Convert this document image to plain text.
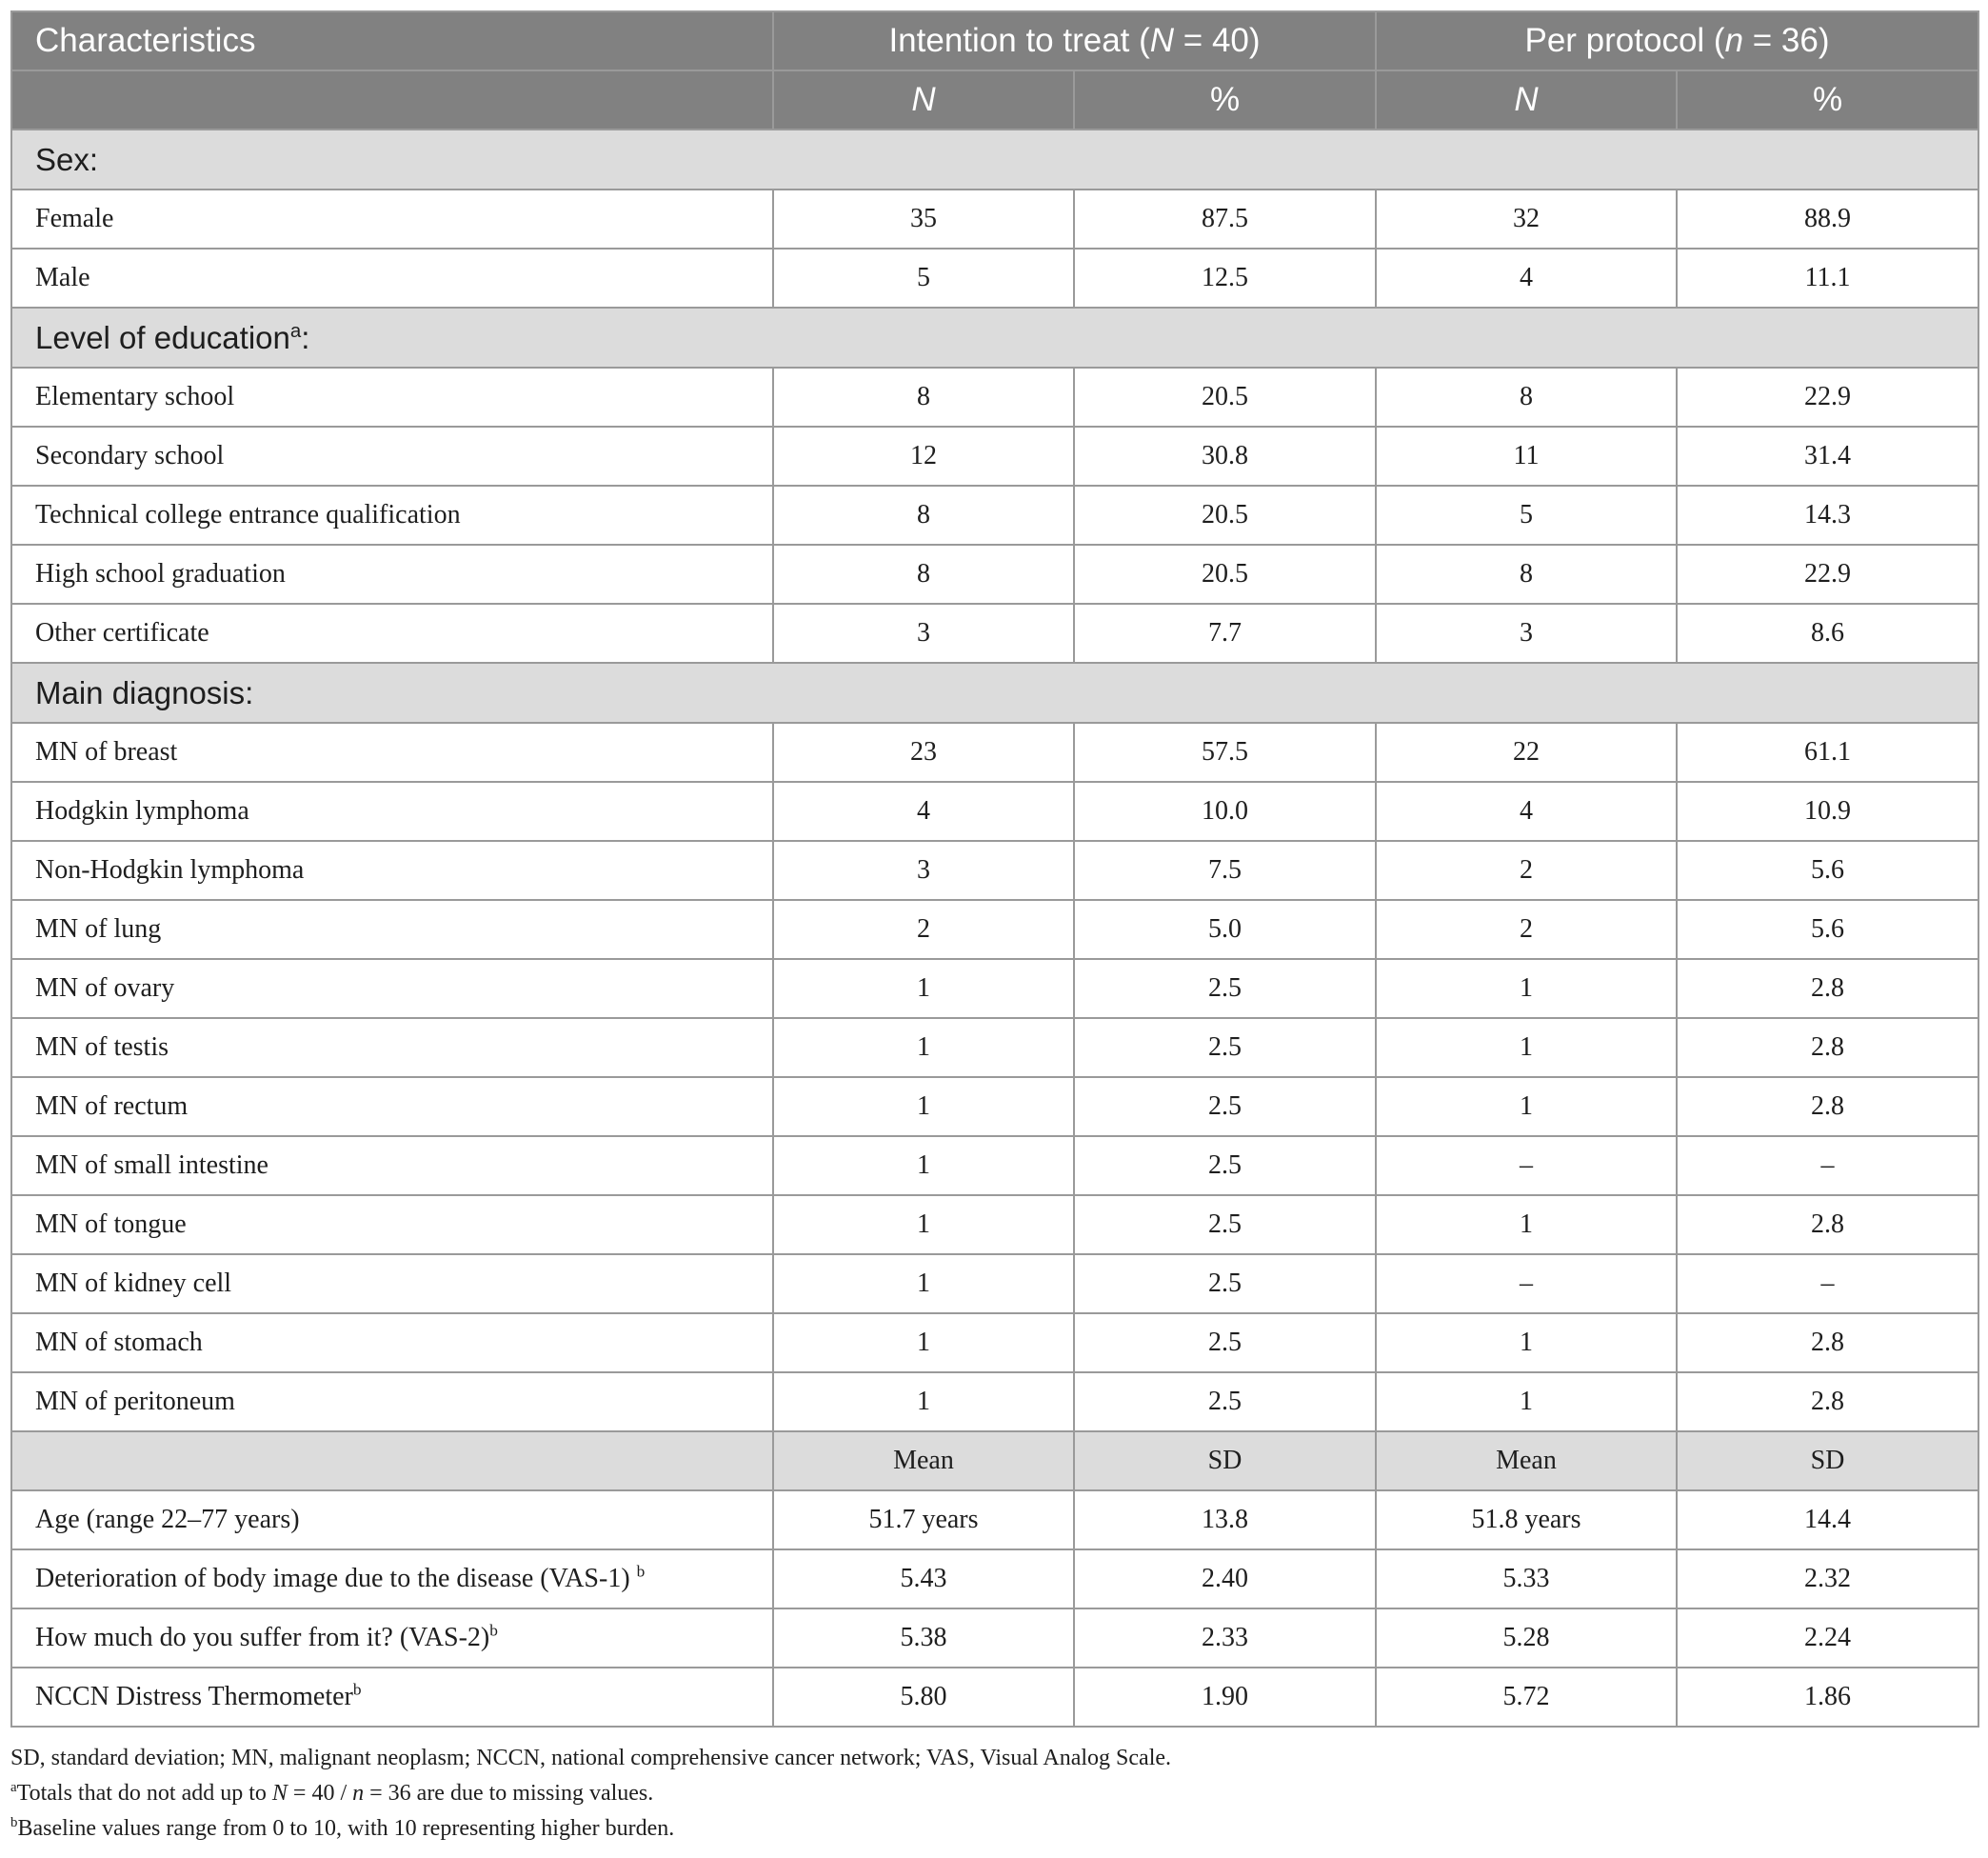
Characteristics	Intention to treat (N = 40)		Per protocol (n = 36)	
	N	%	N	%
Sex:				
Female	35	87.5	32	88.9
Male	5	12.5	4	11.1
Level of education$^a$:				
Elementary school	8	20.5	8	22.9
Secondary school	12	30.8	11	31.4
Technical college entrance qualification	8	20.5	5	14.3
High school graduation	8	20.5	8	22.9
Other certificate	3	7.7	3	8.6
Main diagnosis:				
MN of breast	23	57.5	22	61.1
Hodgkin lymphoma	4	10.0	4	10.9
Non-Hodgkin lymphoma	3	7.5	2	5.6
MN of lung	2	5.0	2	5.6
MN of ovary	1	2.5	1	2.8
MN of testis	1	2.5	1	2.8
MN of rectum	1	2.5	1	2.8
MN of small intestine	1	2.5	–	–
MN of tongue	1	2.5	1	2.8
MN of kidney cell	1	2.5	–	–
MN of stomach	1	2.5	1	2.8
MN of peritoneum	1	2.5	1	2.8
	Mean	SD	Mean	SD
Age (range 22–77 years)	51.7 years	13.8	51.8 years	14.4
Deterioration of body image due to the disease (VAS-1) $^b$	5.43	2.40	5.33	2.32
How much do you suffer from it? $(VAS-2)^b$	5.38	2.33	5.28	2.24
NCCN Distress Thermometer$^b$	5.80	1.90	5.72	1.86

SD, standard deviation; MN, malignant neoplasm; NCCN, national comprehensive cancer network; VAS, Visual Analog Scale.

$^a$Totals that do not add up to N = 40 / n = 36 are due to missing values.

$^b$Baseline values range from 0 to 10, with 10 representing higher burden.
